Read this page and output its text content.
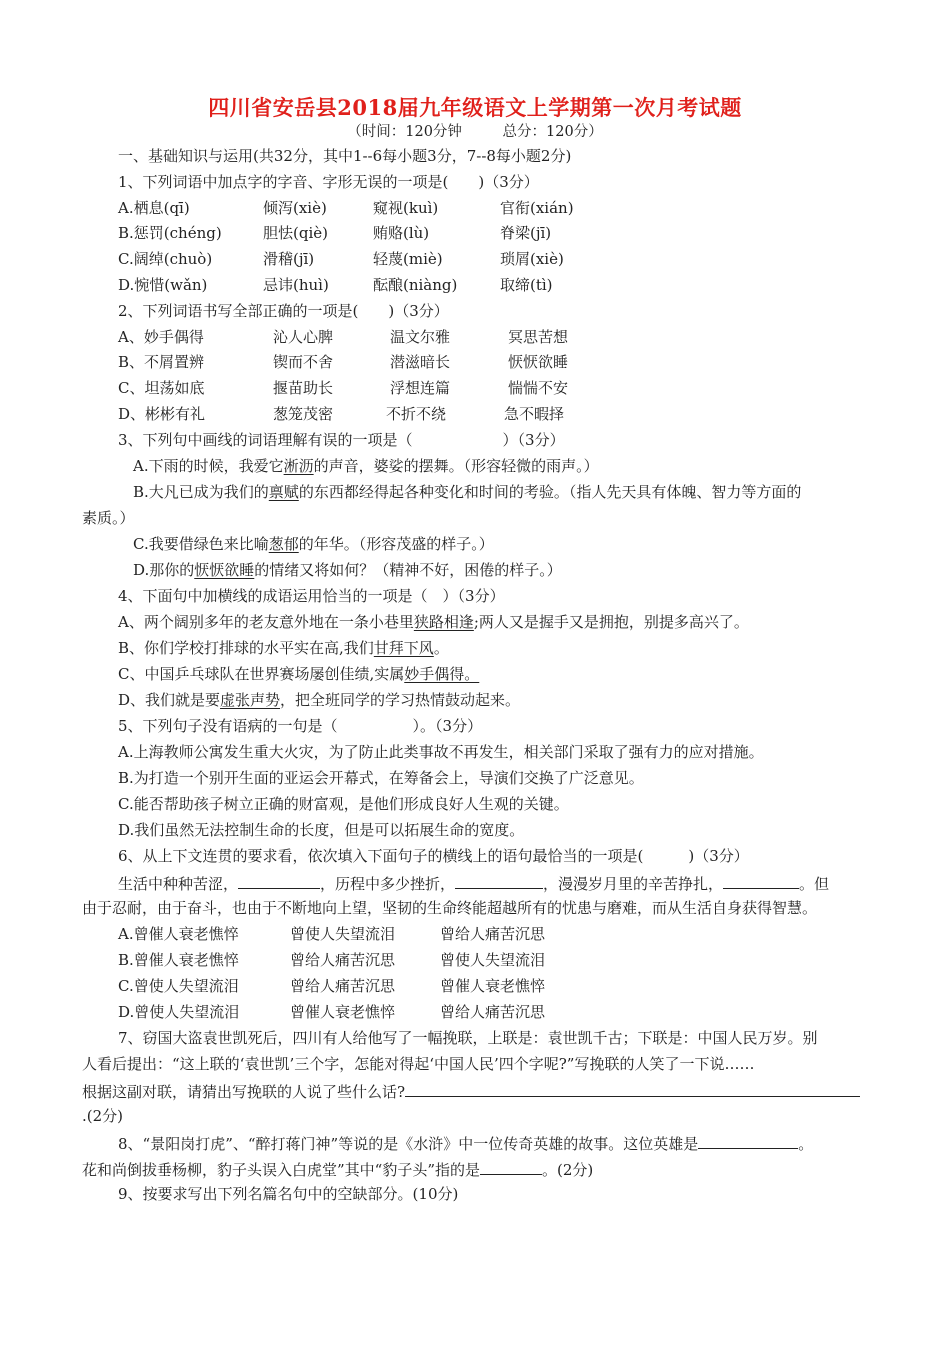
四川省安岳县2018届九年级语文上学期第一次月考试题
（时间：120分钟	总分：120分）
一、基础知识与运用(共32分，其中1--6每小题3分，7--8每小题2分)
1、下列词语中加点字的字音、字形无误的一项是(　　)（3分）
A.栖息(qī)	倾泻(xiè)	窥视(kuì)	官衔(xián)
B.惩罚(chéng)	胆怯(qiè)	贿赂(lù)	脊梁(jī)
C.阔绰(chuò)	滑稽(jī)	轻蔑(miè)	琐屑(xiè)
D.惋惜(wǎn)	忌讳(huì)	酝酿(niàng)	取缔(tì)
2、下列词语书写全部正确的一项是(　　)（3分）
A、妙手偶得	沁人心脾	温文尔雅	冥思苦想
B、不屑置辨	锲而不舍	潜滋暗长	恹恹欲睡
C、坦荡如底	揠苗助长	浮想连篇	惴惴不安
D、彬彬有礼	葱笼茂密	不折不绕	急不暇择
3、下列句中画线的词语理解有误的一项是（　　　　　　）（3分）
A.下雨的时候，我爱它淅沥的声音，婆娑的摆舞。（形容轻微的雨声。）
B.大凡已成为我们的禀赋的东西都经得起各种变化和时间的考验。（指人先天具有体魄、智力等方面的
素质。）
C.我要借绿色来比喻葱郁的年华。（形容茂盛的样子。）
D.那你的恹恹欲睡的情绪又将如何？（精神不好，困倦的样子。）
4、下面句中加横线的成语运用恰当的一项是（　）（3分）
A、两个阔别多年的老友意外地在一条小巷里狭路相逢;两人又是握手又是拥抱，别提多高兴了。
B、你们学校打排球的水平实在高,我们甘拜下风。
C、中国乒乓球队在世界赛场屡创佳绩,实属妙手偶得。
D、我们就是要虚张声势，把全班同学的学习热情鼓动起来。
5、下列句子没有语病的一句是（　　　　　）。（3分）
A.上海教师公寓发生重大火灾，为了防止此类事故不再发生，相关部门采取了强有力的应对措施。
B.为打造一个别开生面的亚运会开幕式，在筹备会上，导演们交换了广泛意见。
C.能否帮助孩子树立正确的财富观，是他们形成良好人生观的关键。
D.我们虽然无法控制生命的长度，但是可以拓展生命的宽度。
6、从上下文连贯的要求看，依次填入下面句子的横线上的语句最恰当的一项是(　　　)（3分）
生活中种种苦涩，	，历程中多少挫折，	，漫漫岁月里的辛苦挣扎，	。但
由于忍耐，由于奋斗，也由于不断地向上望，坚韧的生命终能超越所有的忧患与磨难，而从生活自身获得智慧。
A.曾催人衰老憔悴	曾使人失望流泪	曾给人痛苦沉思
B.曾催人衰老憔悴	曾给人痛苦沉思	曾使人失望流泪
C.曾使人失望流泪	曾给人痛苦沉思	曾催人衰老憔悴
D.曾使人失望流泪	曾催人衰老憔悴	曾给人痛苦沉思
7、窃国大盗袁世凯死后，四川有人给他写了一幅挽联，上联是：袁世凯千古；下联是：中国人民万岁。别
人看后提出：“这上联的‘袁世凯’三个字，怎能对得起‘中国人民’四个字呢?”写挽联的人笑了一下说……
根据这副对联，请猜出写挽联的人说了些什么话?
.(2分)
8、“景阳岗打虎”、“醉打蒋门神”等说的是《水浒》中一位传奇英雄的故事。这位英雄是	。
花和尚倒拔垂杨柳，豹子头误入白虎堂”其中“豹子头”指的是	。(2分)
9、按要求写出下列名篇名句中的空缺部分。(10分)
